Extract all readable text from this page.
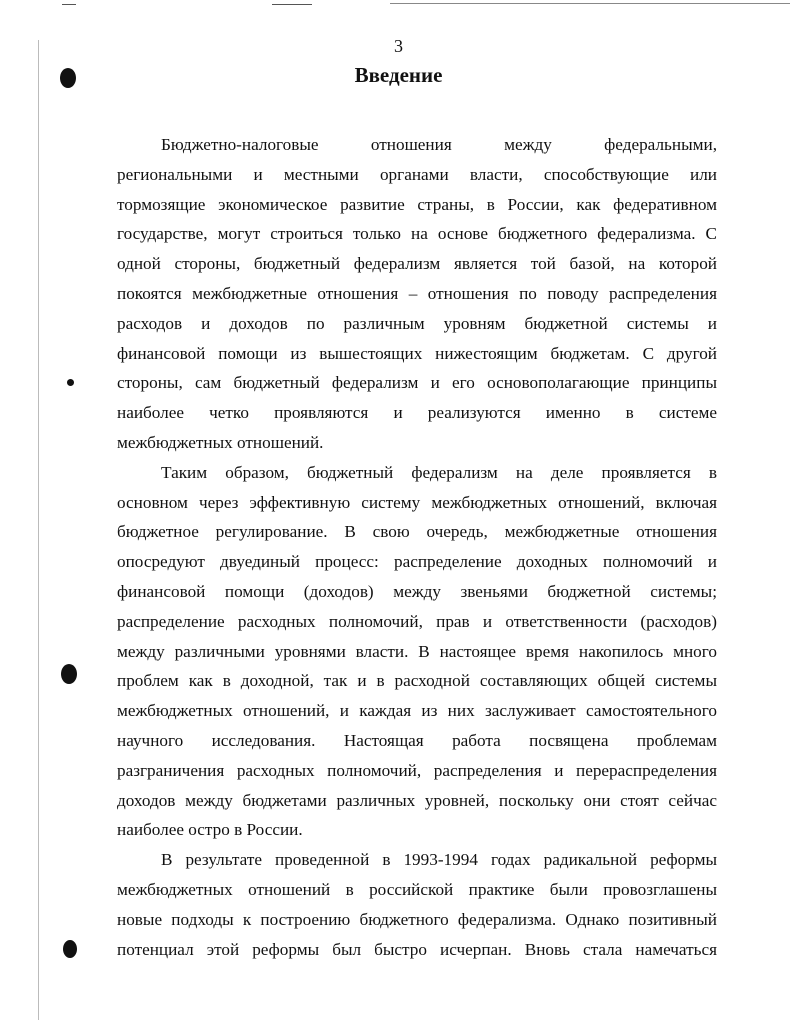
3
Введение
Бюджетно-налоговые отношения между федеральными,
региональными и местными органами власти, способствующие или
тормозящие экономическое развитие страны, в России, как федеративном
государстве, могут строиться только на основе бюджетного федерализма. С
одной стороны, бюджетный федерализм является той базой, на которой
покоятся межбюджетные отношения – отношения по поводу распределения
расходов и доходов по различным уровням бюджетной системы и
финансовой помощи из вышестоящих нижестоящим бюджетам. С другой
стороны, сам бюджетный федерализм и его основополагающие принципы
наиболее четко проявляются и реализуются именно в системе
межбюджетных отношений.
Таким образом, бюджетный федерализм на деле проявляется в
основном через эффективную систему межбюджетных отношений, включая
бюджетное регулирование. В свою очередь, межбюджетные отношения
опосредуют двуединый процесс: распределение доходных полномочий и
финансовой помощи (доходов) между звеньями бюджетной системы;
распределение расходных полномочий, прав и ответственности (расходов)
между различными уровнями власти. В настоящее время накопилось много
проблем как в доходной, так и в расходной составляющих общей системы
межбюджетных отношений, и каждая из них заслуживает самостоятельного
научного исследования. Настоящая работа посвящена проблемам
разграничения расходных полномочий, распределения и перераспределения
доходов между бюджетами различных уровней, поскольку они стоят сейчас
наиболее остро в России.
В результате проведенной в 1993-1994 годах радикальной реформы
межбюджетных отношений в российской практике были провозглашены
новые подходы к построению бюджетного федерализма. Однако позитивный
потенциал этой реформы был быстро исчерпан. Вновь стала намечаться
